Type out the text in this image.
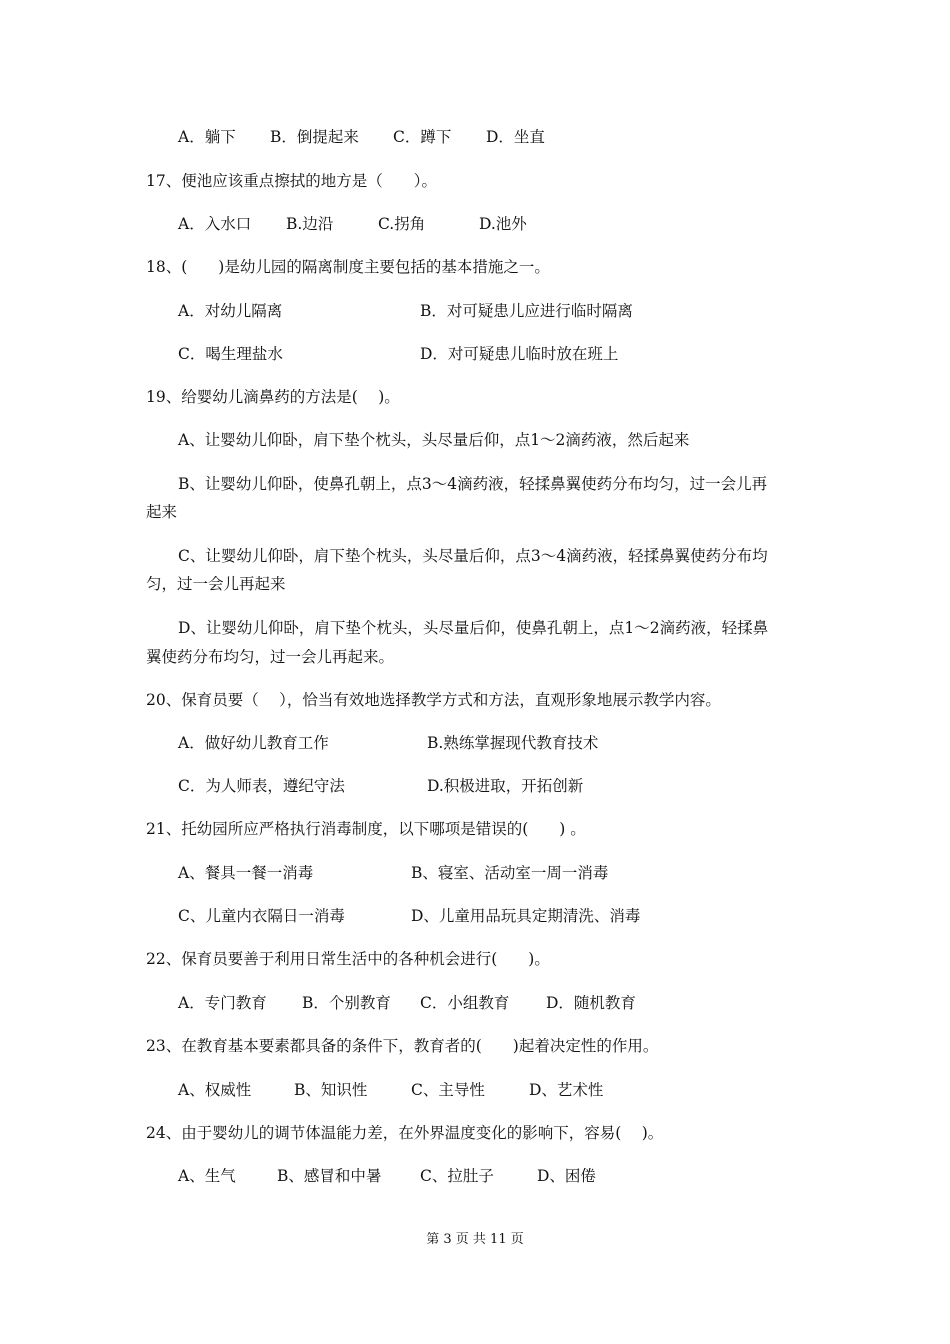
A．躺下 B．倒提起来 C．蹲下 D．坐直
17、便池应该重点擦拭的地方是（　　）。
A．入水口 B.边沿	C.拐角	D.池外
18、(　　)是幼儿园的隔离制度主要包括的基本措施之一。
A．对幼儿隔离	B．对可疑患儿应进行临时隔离
C．喝生理盐水	D．对可疑患儿临时放在班上
19、给婴幼儿滴鼻药的方法是(　 )。
A、让婴幼儿仰卧，肩下垫个枕头，头尽量后仰，点1～2滴药液，然后起来
B、让婴幼儿仰卧，使鼻孔朝上，点3～4滴药液，轻揉鼻翼使药分布均匀，过一会儿再
起来
C、让婴幼儿仰卧，肩下垫个枕头，头尽量后仰，点3～4滴药液，轻揉鼻翼使药分布均
匀，过一会儿再起来
D、让婴幼儿仰卧，肩下垫个枕头，头尽量后仰，使鼻孔朝上，点1～2滴药液，轻揉鼻
翼使药分布均匀，过一会儿再起来。
20、保育员要（　 ），恰当有效地选择教学方式和方法，直观形象地展示教学内容。
A．做好幼儿教育工作	B.熟练掌握现代教育技术
C．为人师表，遵纪守法	D.积极进取，开拓创新
21、托幼园所应严格执行消毒制度，以下哪项是错误的(　　) 。
A、餐具一餐一消毒	B、寝室、活动室一周一消毒
C、儿童内衣隔日一消毒	D、儿童用品玩具定期清洗、消毒
22、保育员要善于利用日常生活中的各种机会进行(　　)。
A．专门教育 B．个别教育 C．小组教育 D．随机教育
23、在教育基本要素都具备的条件下，教育者的(　　)起着决定性的作用。
A、权威性	B、知识性	C、主导性	D、艺术性
24、由于婴幼儿的调节体温能力差，在外界温度变化的影响下，容易(　 )。
A、生气	B、感冒和中暑 C、拉肚子	D、困倦
第 3 页 共 11 页
